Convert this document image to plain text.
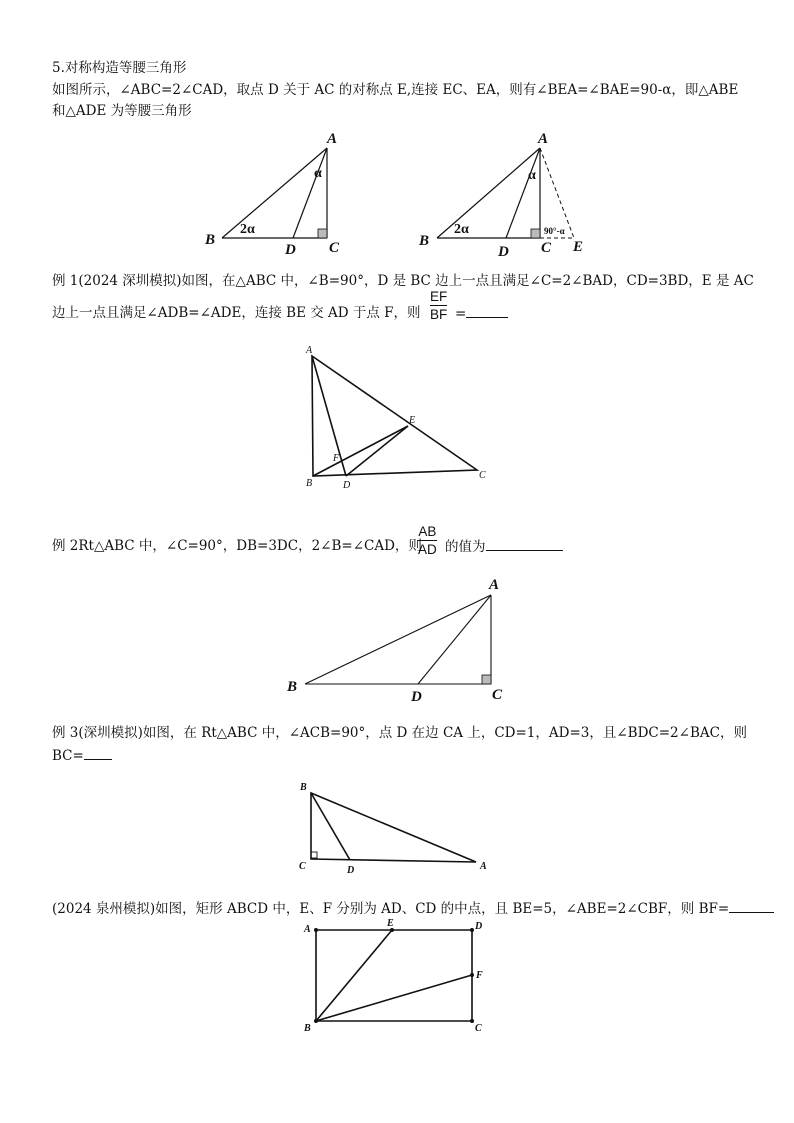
5.对称构造等腰三角形
如图所示，∠ABC=2∠CAD，取点 D 关于 AC 的对称点 E,连接 EC、EA，则有∠BEA=∠BAE=90-α，即△ABE
和△ADE 为等腰三角形
A
B	C
D
α
2α
A
B	C
D	E
α
2α	90°-α
例 1(2024 深圳模拟)如图，在△ABC 中，∠B=90°，D 是 BC 边上一点且满足∠C=2∠BAD，CD=3BD，E 是 AC
边上一点且满足∠ADB=∠ADE，连接 BE 交 AD 于点 F，则
EF
BF =
A
B
C
D
E
F
例 2Rt△ABC 中，∠C=90°，DB=3DC，2∠B=∠CAD，则
AB
AD 的值为
A
B	C
D
例 3(深圳模拟)如图，在 Rt△ABC 中，∠ACB=90°，点 D 在边 CA 上，CD=1，AD=3，且∠BDC=2∠BAC，则
BC=
B
C	D	A
(2024 泉州模拟)如图，矩形 ABCD 中，E、F 分别为 AD、CD 的中点，且 BE=5，∠ABE=2∠CBF，则 BF=
A
E	D
F
B	C
